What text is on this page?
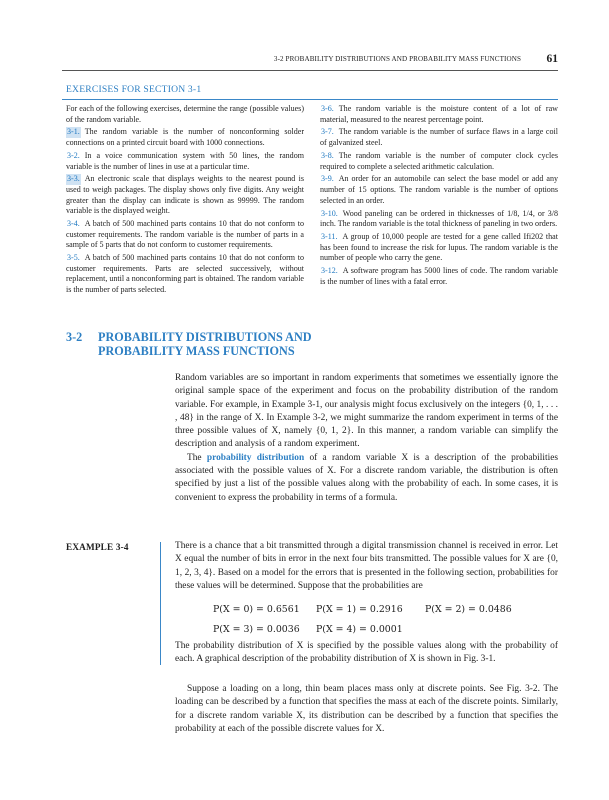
3-2 PROBABILITY DISTRIBUTIONS AND PROBABILITY MASS FUNCTIONS	61
EXERCISES FOR SECTION 3-1

For each of the following exercises, determine the range (possible values) of the random variable.

3-1. The random variable is the number of nonconforming solder connections on a printed circuit board with 1000 connections.

3-2. In a voice communication system with 50 lines, the random variable is the number of lines in use at a particular time.

3-3. An electronic scale that displays weights to the nearest pound is used to weigh packages. The display shows only five digits. Any weight greater than the display can indicate is shown as 99999. The random variable is the displayed weight.

3-4. A batch of 500 machined parts contains 10 that do not conform to customer requirements. The random variable is the number of parts in a sample of 5 parts that do not conform to customer requirements.

3-5. A batch of 500 machined parts contains 10 that do not conform to customer requirements. Parts are selected successively, without replacement, until a nonconforming part is obtained. The random variable is the number of parts selected.

3-6. The random variable is the moisture content of a lot of raw material, measured to the nearest percentage point.

3-7. The random variable is the number of surface flaws in a large coil of galvanized steel.

3-8. The random variable is the number of computer clock cycles required to complete a selected arithmetic calculation.

3-9. An order for an automobile can select the base model or add any number of 15 options. The random variable is the number of options selected in an order.

3-10. Wood paneling can be ordered in thicknesses of 1/8, 1/4, or 3/8 inch. The random variable is the total thickness of paneling in two orders.

3-11. A group of 10,000 people are tested for a gene called Ifi202 that has been found to increase the risk for lupus. The random variable is the number of people who carry the gene.

3-12. A software program has 5000 lines of code. The random variable is the number of lines with a fatal error.

3-2 PROBABILITY DISTRIBUTIONS AND
PROBABILITY MASS FUNCTIONS

Random variables are so important in random experiments that sometimes we essentially ignore the original sample space of the experiment and focus on the probability distribution of the random variable. For example, in Example 3-1, our analysis might focus exclusively on the integers {0, 1, . . . , 48} in the range of X. In Example 3-2, we might summarize the random experiment in terms of the three possible values of X, namely {0, 1, 2}. In this manner, a random variable can simplify the description and analysis of a random experiment.

The probability distribution of a random variable X is a description of the probabilities associated with the possible values of X. For a discrete random variable, the distribution is often specified by just a list of the possible values along with the probability of each. In some cases, it is convenient to express the probability in terms of a formula.

EXAMPLE 3-4	There is a chance that a bit transmitted through a digital transmission channel is received in error. Let X equal the number of bits in error in the next four bits transmitted. The possible values for X are {0, 1, 2, 3, 4}. Based on a model for the errors that is presented in the following section, probabilities for these values will be determined. Suppose that the probabilities are
P(X = 0) = 0.6561 P(X = 1) = 0.2916 P(X = 2) = 0.0486
P(X = 3) = 0.0036 P(X = 4) = 0.0001
The probability distribution of X is specified by the possible values along with the probability of each. A graphical description of the probability distribution of X is shown in Fig. 3-1.
Suppose a loading on a long, thin beam places mass only at discrete points. See Fig. 3-2. The loading can be described by a function that specifies the mass at each of the discrete points. Similarly, for a discrete random variable X, its distribution can be described by a function that specifies the probability at each of the possible discrete values for X.
